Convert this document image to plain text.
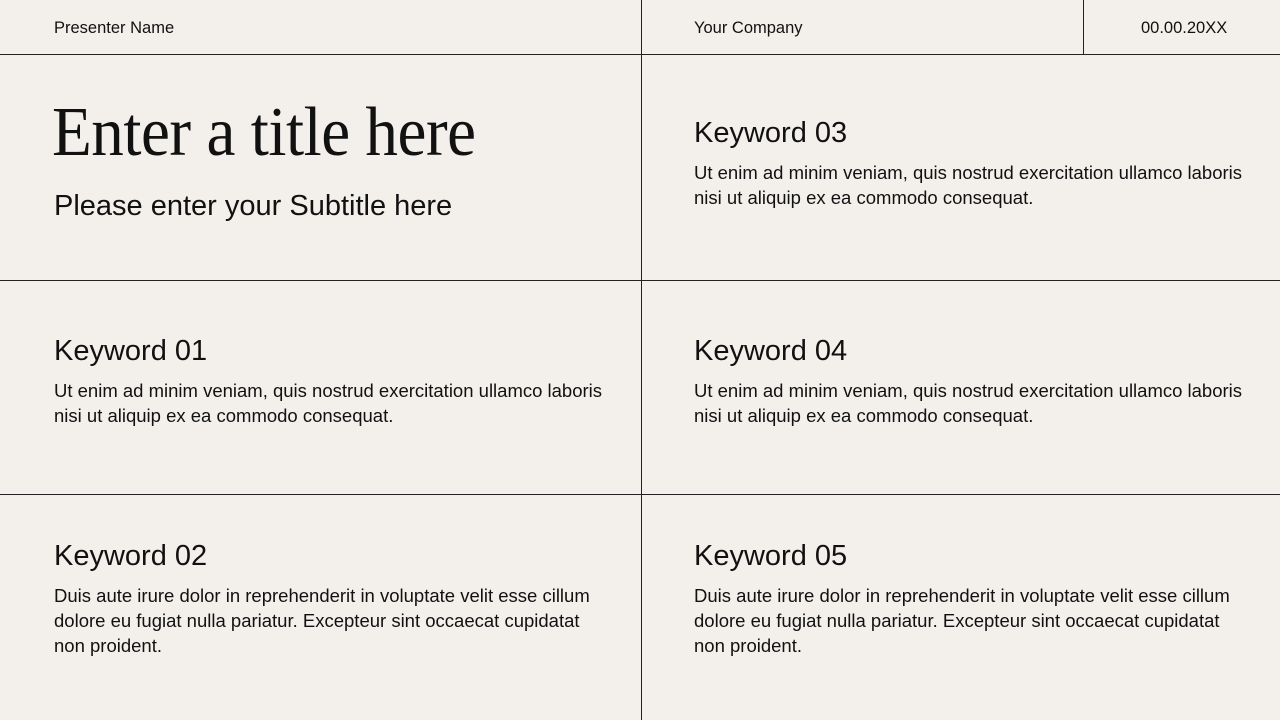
Presenter Name	Your Company	00.00.20XX
Enter a title here
Please enter your Subtitle here

Keyword 01

Ut enim ad minim veniam, quis nostrud exercitation ullamco laboris nisi ut aliquip ex ea commodo consequat.

Keyword 02

Duis aute irure dolor in reprehenderit in voluptate velit esse cillum dolore eu fugiat nulla pariatur. Excepteur sint occaecat cupidatat non proident.

Keyword 03

Ut enim ad minim veniam, quis nostrud exercitation ullamco laboris nisi ut aliquip ex ea commodo consequat.

Keyword 04

Ut enim ad minim veniam, quis nostrud exercitation ullamco laboris nisi ut aliquip ex ea commodo consequat.

Keyword 05

Duis aute irure dolor in reprehenderit in voluptate velit esse cillum dolore eu fugiat nulla pariatur. Excepteur sint occaecat cupidatat non proident.
